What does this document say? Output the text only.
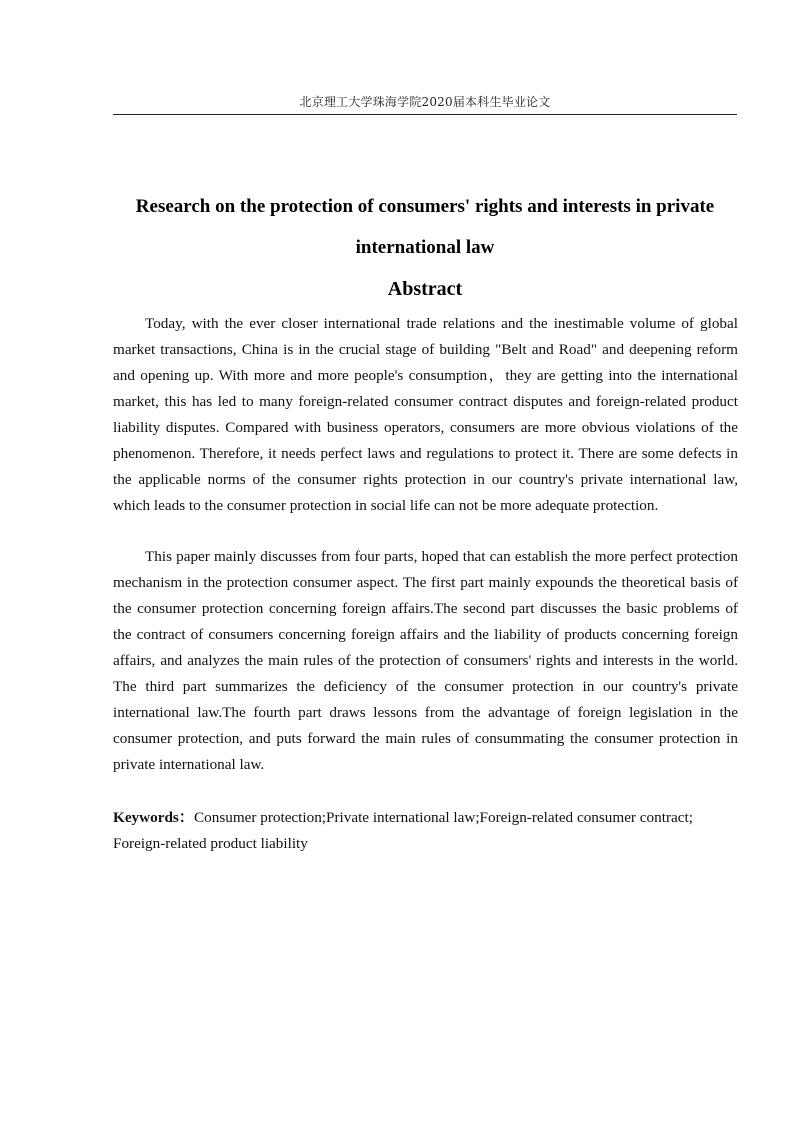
北京理工大学珠海学院2020届本科生毕业论文
Research on the protection of consumers' rights and interests in private
international law
Abstract
Today, with the ever closer international trade relations and the inestimable volume of global market transactions, China is in the crucial stage of building "Belt and Road" and deepening reform and opening up. With more and more people's consumption，they are getting into the international market, this has led to many foreign-related consumer contract disputes and foreign-related product liability disputes. Compared with business operators, consumers are more obvious violations of the phenomenon. Therefore, it needs perfect laws and regulations to protect it. There are some defects in the applicable norms of the consumer rights protection in our country's private international law, which leads to the consumer protection in social life can not be more adequate protection.
This paper mainly discusses from four parts, hoped that can establish the more perfect protection mechanism in the protection consumer aspect. The first part mainly expounds the theoretical basis of the consumer protection concerning foreign affairs.The second part discusses the basic problems of the contract of consumers concerning foreign affairs and the liability of products concerning foreign affairs, and analyzes the main rules of the protection of consumers' rights and interests in the world. The third part summarizes the deficiency of the consumer protection in our country's private international law.The fourth part draws lessons from the advantage of foreign legislation in the consumer protection, and puts forward the main rules of consummating the consumer protection in private international law.
Keywords：Consumer protection;Private international law;Foreign-related consumer contract; Foreign-related product liability
